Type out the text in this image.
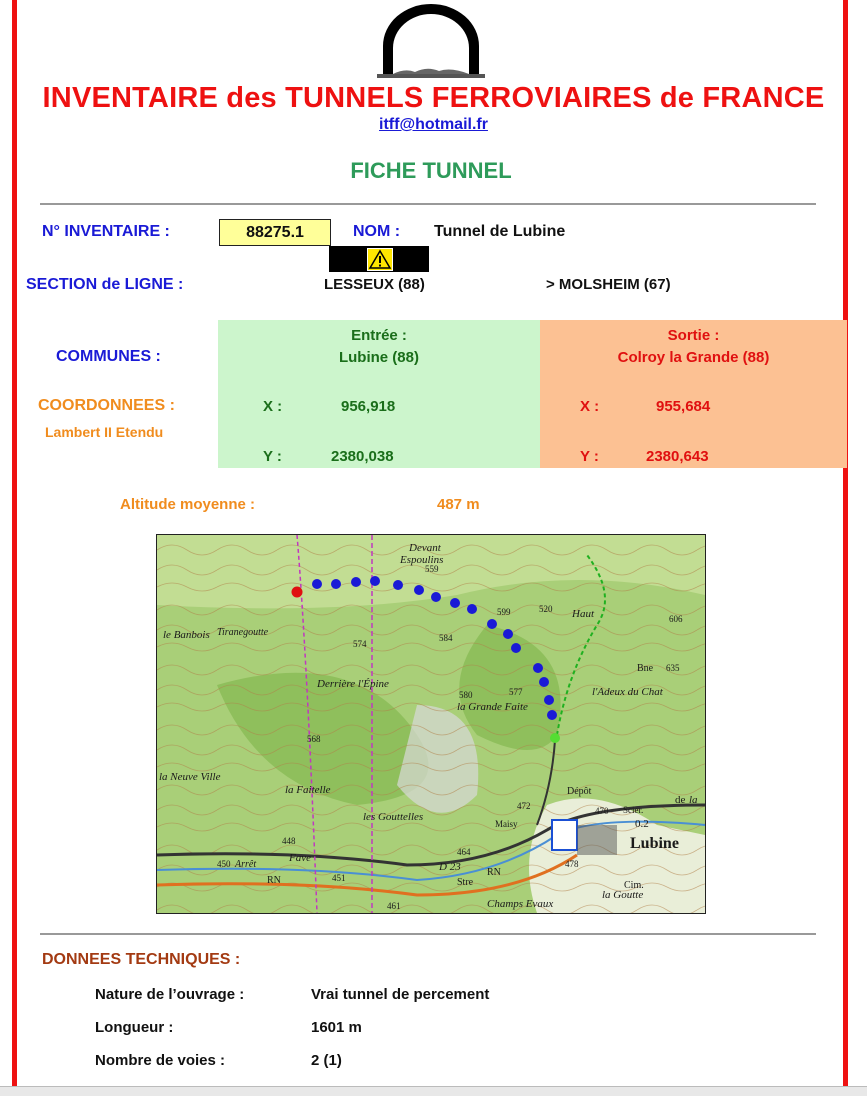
INVENTAIRE des TUNNELS FERROVIAIRES de FRANCE
itff@hotmail.fr
FICHE TUNNEL
N° INVENTAIRE :	88275.1	NOM : Tunnel de Lubine
SECTION de LIGNE :	LESSEUX (88)	> MOLSHEIM (67)
COMMUNES :
Entrée :
Lubine (88)
Sortie :
Colroy la Grande (88)
COORDONNEES :
Lambert II Etendu
X :	956,918
Y :	2380,038
X :	955,684
Y :	2380,643
Altitude moyenne :	487 m
Devant
Espoulins
559
599	520
606
Haut
le Banbois Tiranegoutte
574
584
Derrière l'Épine
580	577
la Grande Faite
Bne 635
l'Adeux du Chat
568
la Neuve Ville
la Faitelle
les Gouttelles
Dépôt
472	470 Scier.
la
448
450 Arrêt
Fave
RN	451
464
D 23
Stre
RN
461	Champs Evaux
Maisy
478
0.2
Lubine
Cim.
la Goutte
de
DONNEES TECHNIQUES :
Nature de l’ouvrage :	Vrai tunnel de percement
Longueur :	1601 m
Nombre de voies :	2 (1)
